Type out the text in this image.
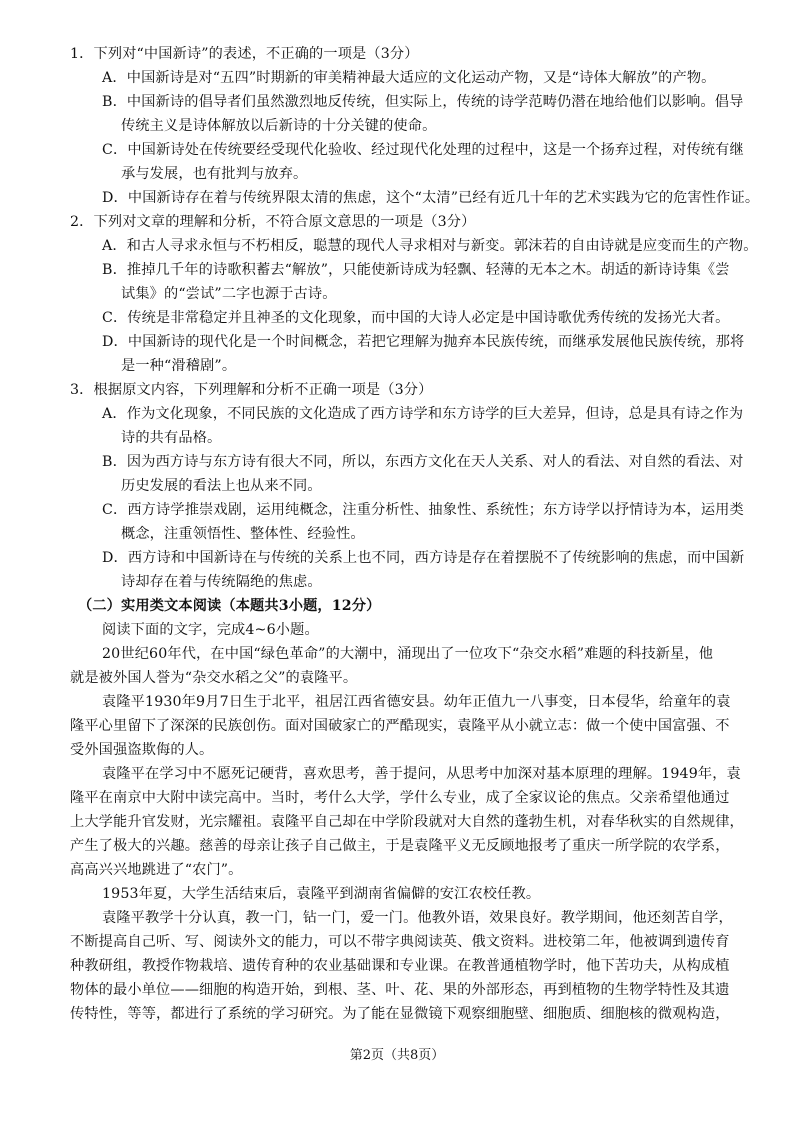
1．下列对“中国新诗”的表述，不正确的一项是（3分）
A．中国新诗是对“五四”时期新的审美精神最大适应的文化运动产物，又是“诗体大解放”的产物。
B．中国新诗的倡导者们虽然激烈地反传统，但实际上，传统的诗学范畴仍潜在地给他们以影响。倡导
传统主义是诗体解放以后新诗的十分关键的使命。
C．中国新诗处在传统要经受现代化验收、经过现代化处理的过程中，这是一个扬弃过程，对传统有继
承与发展，也有批判与放弃。
D．中国新诗存在着与传统界限太清的焦虑，这个“太清”已经有近几十年的艺术实践为它的危害性作证。
2．下列对文章的理解和分析，不符合原文意思的一项是（3分）
A．和古人寻求永恒与不朽相反，聪慧的现代人寻求相对与新变。郭沫若的自由诗就是应变而生的产物。
B．推掉几千年的诗歌积蓄去“解放”，只能使新诗成为轻飘、轻薄的无本之木。胡适的新诗诗集《尝
试集》的“尝试”二字也源于古诗。
C．传统是非常稳定并且神圣的文化现象，而中国的大诗人必定是中国诗歌优秀传统的发扬光大者。
D．中国新诗的现代化是一个时间概念，若把它理解为抛弃本民族传统，而继承发展他民族传统，那将
是一种“滑稽剧”。
3．根据原文内容，下列理解和分析不正确一项是（3分）
A．作为文化现象，不同民族的文化造成了西方诗学和东方诗学的巨大差异，但诗，总是具有诗之作为
诗的共有品格。
B．因为西方诗与东方诗有很大不同，所以，东西方文化在天人关系、对人的看法、对自然的看法、对
历史发展的看法上也从来不同。
C．西方诗学推崇戏剧，运用纯概念，注重分析性、抽象性、系统性；东方诗学以抒情诗为本，运用类
概念，注重领悟性、整体性、经验性。
D．西方诗和中国新诗在与传统的关系上也不同，西方诗是存在着摆脱不了传统影响的焦虑，而中国新
诗却存在着与传统隔绝的焦虑。
（二）实用类文本阅读（本题共3小题，12分）
阅读下面的文字，完成4~6小题。
20世纪60年代，在中国“绿色革命”的大潮中，涌现出了一位攻下“杂交水稻”难题的科技新星，他
就是被外国人誉为“杂交水稻之父”的袁隆平。
袁隆平1930年9月7日生于北平，祖居江西省德安县。幼年正值九一八事变，日本侵华，给童年的袁
隆平心里留下了深深的民族创伤。面对国破家亡的严酷现实，袁隆平从小就立志：做一个使中国富强、不
受外国强盗欺侮的人。
袁隆平在学习中不愿死记硬背，喜欢思考，善于提问，从思考中加深对基本原理的理解。1949年，袁
隆平在南京中大附中读完高中。当时，考什么大学，学什么专业，成了全家议论的焦点。父亲希望他通过
上大学能升官发财，光宗耀祖。袁隆平自己却在中学阶段就对大自然的蓬勃生机，对春华秋实的自然规律，
产生了极大的兴趣。慈善的母亲让孩子自己做主，于是袁隆平义无反顾地报考了重庆一所学院的农学系，
高高兴兴地跳进了“农门”。
1953年夏，大学生活结束后，袁隆平到湖南省偏僻的安江农校任教。
袁隆平教学十分认真，教一门，钻一门，爱一门。他教外语，效果良好。教学期间，他还刻苦自学，
不断提高自己听、写、阅读外文的能力，可以不带字典阅读英、俄文资料。进校第二年，他被调到遗传育
种教研组，教授作物栽培、遗传育种的农业基础课和专业课。在教普通植物学时，他下苦功夫，从构成植
物体的最小单位——细胞的构造开始，到根、茎、叶、花、果的外部形态，再到植物的生物学特性及其遗
传特性，等等，都进行了系统的学习研究。为了能在显微镜下观察细胞壁、细胞质、细胞核的微观构造，
第2页（共8页）
